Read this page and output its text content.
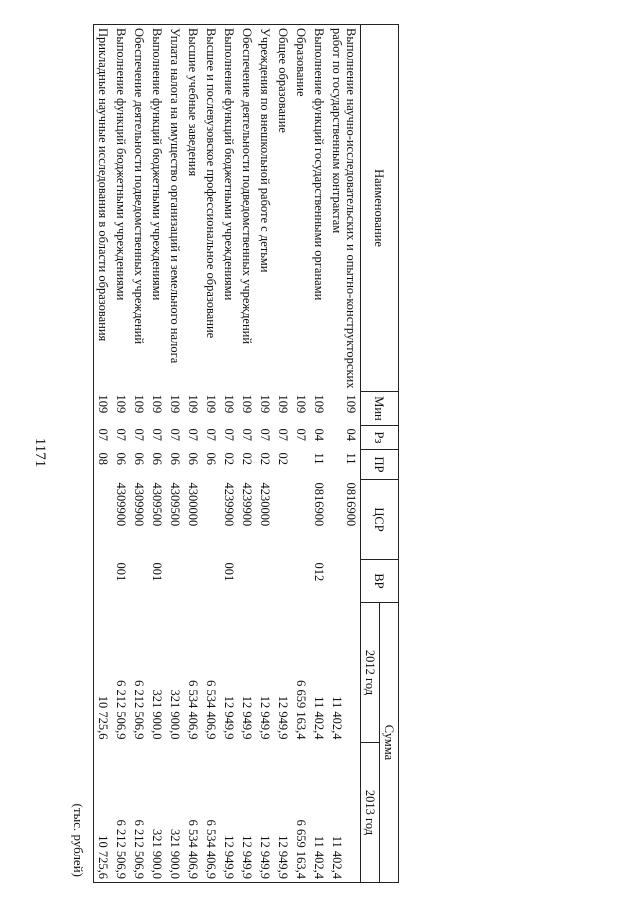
1171
(тыс. рублей)
Наименование	Мин	Рз	ПР	ЦСР	ВР	Сумма	
						2012 год	2013 год
Выполнение научно-исследовательских и опытно-конструкторских работ по государственным контрактам	109	04	11	0816900		11 402,4	11 402,4
Выполнение функций государственными органами	109	04	11	0816900	012	11 402,4	11 402,4
Образование	109	07				6 659 163,4	6 659 163,4
Общее образование	109	07	02			12 949,9	12 949,9
Учреждения по внешкольной работе с детьми	109	07	02	4230000		12 949,9	12 949,9
Обеспечение деятельности подведомственных учреждений	109	07	02	4239900		12 949,9	12 949,9
Выполнение функций бюджетными учреждениями	109	07	02	4239900	001	12 949,9	12 949,9
Высшее и послевузовское профессиональное образование	109	07	06			6 534 406,9	6 534 406,9
Высшие учебные заведения	109	07	06	4300000		6 534 406,9	6 534 406,9
Уплата налога на имущество организаций и земельного налога	109	07	06	4309500		321 900,0	321 900,0
Выполнение функций бюджетными учреждениями	109	07	06	4309500	001	321 900,0	321 900,0
Обеспечение деятельности подведомственных учреждений	109	07	06	4309900		6 212 506,9	6 212 506,9
Выполнение функций бюджетными учреждениями	109	07	06	4309900	001	6 212 506,9	6 212 506,9
Прикладные научные исследования в области образования	109	07	08			10 725,6	10 725,6
